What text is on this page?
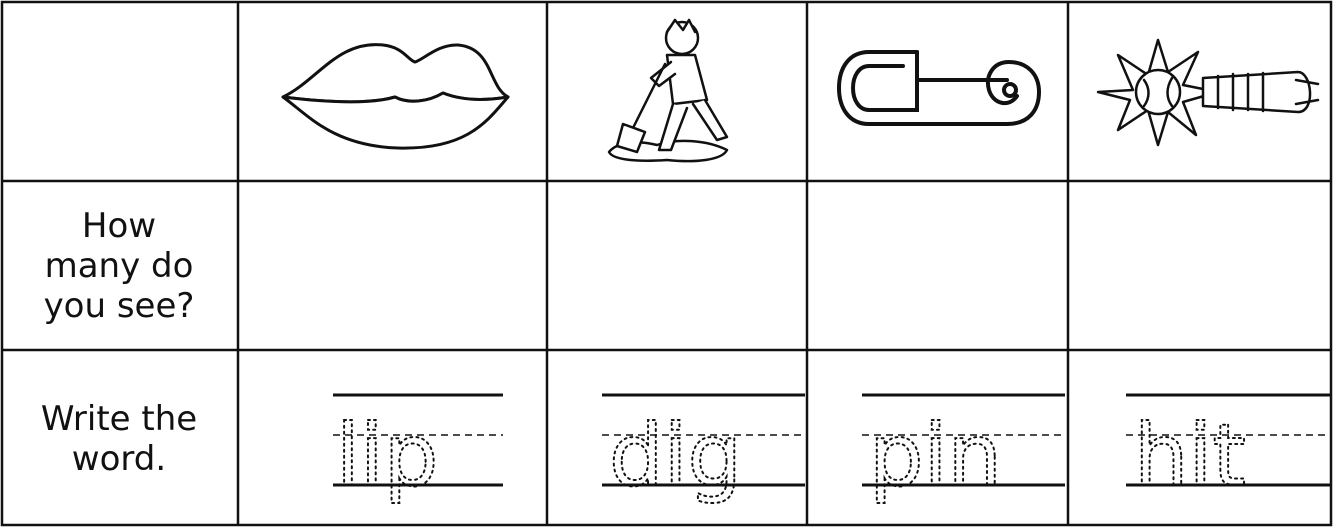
How many do you see?
Write the word.	lip dig pin hit
